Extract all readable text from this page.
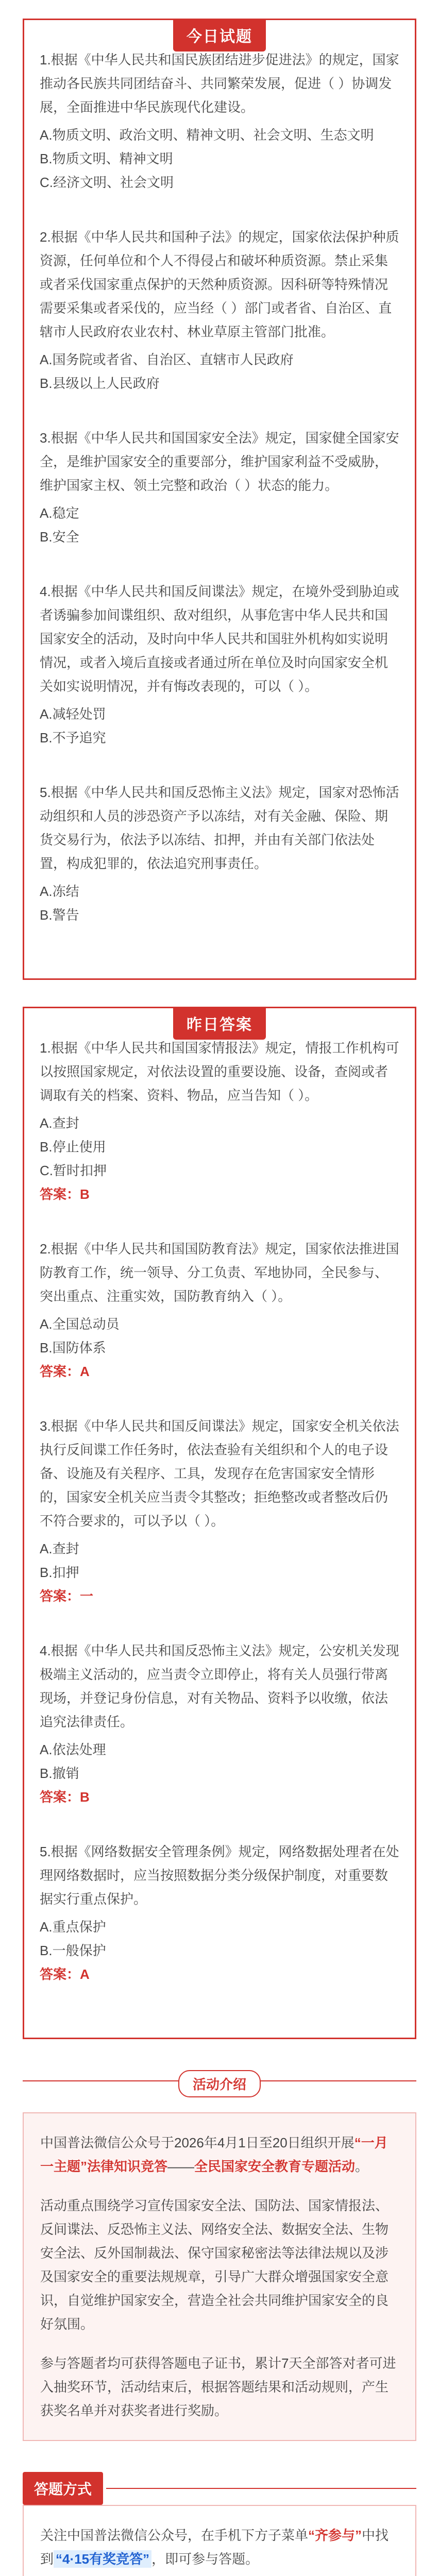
今日试题

1.根据《中华人民共和国民族团结进步促进法》的规定，国家推动各民族共同团结奋斗、共同繁荣发展，促进（ ）协调发展，全面推进中华民族现代化建设。

A.物质文明、政治文明、精神文明、社会文明、生态文明

B.物质文明、精神文明

C.经济文明、社会文明

2.根据《中华人民共和国种子法》的规定，国家依法保护种质资源，任何单位和个人不得侵占和破坏种质资源。禁止采集或者采伐国家重点保护的天然种质资源。因科研等特殊情况需要采集或者采伐的，应当经（ ）部门或者省、自治区、直辖市人民政府农业农村、林业草原主管部门批准。

A.国务院或者省、自治区、直辖市人民政府

B.县级以上人民政府

3.根据《中华人民共和国国家安全法》规定，国家健全国家安全，是维护国家安全的重要部分，维护国家利益不受威胁，维护国家主权、领土完整和政治（ ）状态的能力。

A.稳定

B.安全

4.根据《中华人民共和国反间谍法》规定，在境外受到胁迫或者诱骗参加间谍组织、敌对组织，从事危害中华人民共和国国家安全的活动，及时向中华人民共和国驻外机构如实说明情况，或者入境后直接或者通过所在单位及时向国家安全机关如实说明情况，并有悔改表现的，可以（ ）。

A.减轻处罚

B.不予追究

5.根据《中华人民共和国反恐怖主义法》规定，国家对恐怖活动组织和人员的涉恐资产予以冻结，对有关金融、保险、期货交易行为，依法予以冻结、扣押，并由有关部门依法处置，构成犯罪的，依法追究刑事责任。

A.冻结

B.警告

昨日答案

1.根据《中华人民共和国国家情报法》规定，情报工作机构可以按照国家规定，对依法设置的重要设施、设备，查阅或者调取有关的档案、资料、物品，应当告知（ ）。

A.查封

B.停止使用

C.暂时扣押

答案：B

2.根据《中华人民共和国国防教育法》规定，国家依法推进国防教育工作，统一领导、分工负责、军地协同，全民参与、突出重点、注重实效，国防教育纳入（ ）。

A.全国总动员

B.国防体系

答案：A

3.根据《中华人民共和国反间谍法》规定，国家安全机关依法执行反间谍工作任务时，依法查验有关组织和个人的电子设备、设施及有关程序、工具，发现存在危害国家安全情形的，国家安全机关应当责令其整改；拒绝整改或者整改后仍不符合要求的，可以予以（ ）。

A.查封

B.扣押

答案：一

4.根据《中华人民共和国反恐怖主义法》规定，公安机关发现极端主义活动的，应当责令立即停止，将有关人员强行带离现场，并登记身份信息，对有关物品、资料予以收缴，依法追究法律责任。

A.依法处理

B.撤销

答案：B

5.根据《网络数据安全管理条例》规定，网络数据处理者在处理网络数据时，应当按照数据分类分级保护制度，对重要数据实行重点保护。

A.重点保护

B.一般保护

答案：A

活动介绍

中国普法微信公众号于2026年4月1日至20日组织开展“一月一主题”法律知识竞答——全民国家安全教育专题活动。

活动重点围绕学习宣传国家安全法、国防法、国家情报法、反间谍法、反恐怖主义法、网络安全法、数据安全法、生物安全法、反外国制裁法、保守国家秘密法等法律法规以及涉及国家安全的重要法规规章，引导广大群众增强国家安全意识，自觉维护国家安全，营造全社会共同维护国家安全的良好氛围。

参与答题者均可获得答题电子证书，累计7天全部答对者可进入抽奖环节，活动结束后，根据答题结果和活动规则，产生获奖名单并对获奖者进行奖励。

答题方式

关注中国普法微信公众号，在手机下方子菜单“齐参与”中找到 “4·15有奖竞答” ，即可参与答题。
